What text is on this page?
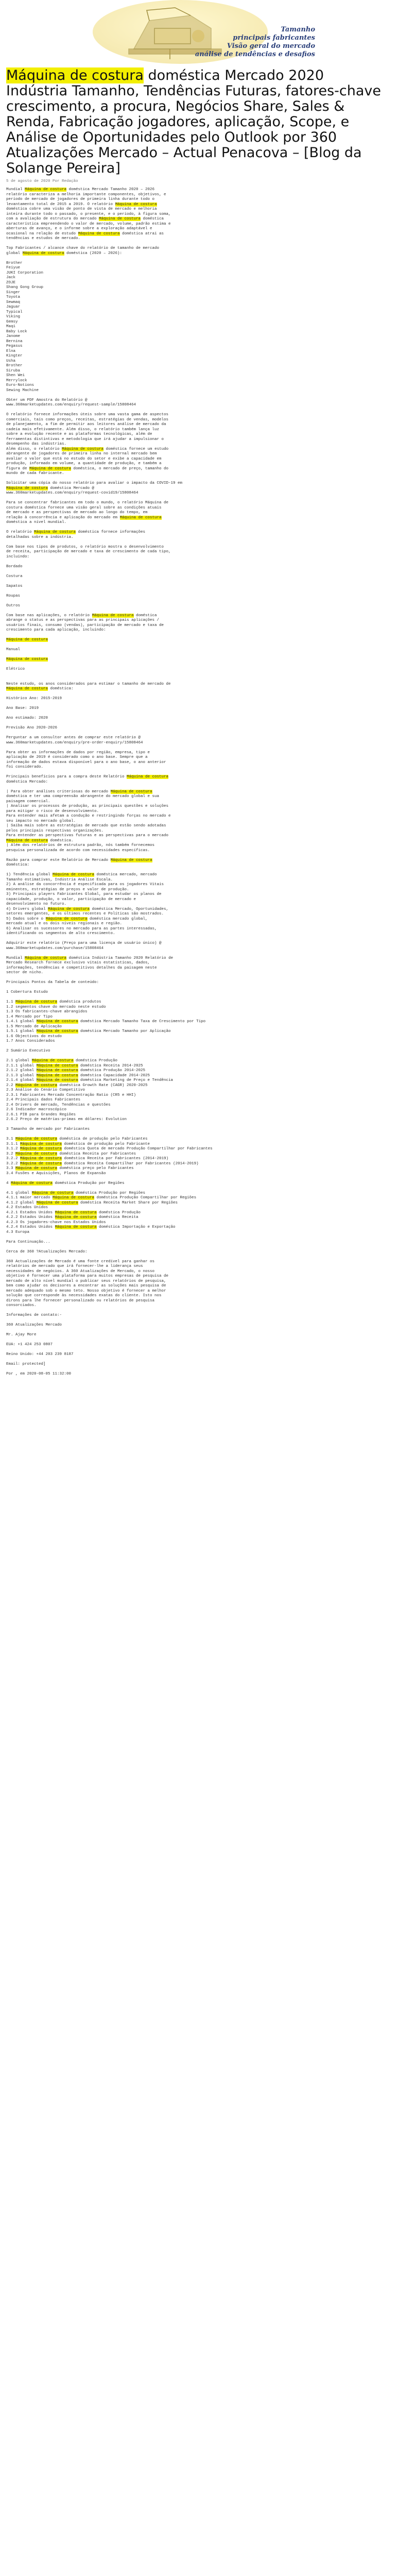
Tamanho
principais fabricantes
Visão geral do mercado
análise de tendências e desafios
Máquina de costura doméstica Mercado 2020 Indústria Tamanho, Tendências Futuras, fatores-chave crescimento, a procura, Negócios Share, Sales & Renda, Fabricação jogadores, aplicação, Scope, e Análise de Oportunidades pelo Outlook por 360 Atualizações Mercado – Actual Penacova – [Blog da Solange Pereira]
5 de agosto de 2020 Por Redação
Mundial Máquina de costura doméstica Mercado Tamanho 2020 – 2026
relatório caracteriza a melhoria importante componentes, objetivos, e
período de mercado de jogadores de primeira linha durante todo o
levantamento total de 2015 a 2019. O relatório Máquina de costura
doméstica cobre uma visão de ponto de vista de mercado e melhoria
inteira durante todo o passado, o presente, e o período, à figura soma,
com a avaliação de estrutura do mercado Máquina de costura doméstica
característica empreendendo o valor de mercado, volume, padrão estima e
aberturas de avanço, e o informe sobre a exploração adaptável e
ocasional na relação de estudo Máquina de costura doméstica atrai as
tendências e estudos de mercado.

Top Fabricantes / alcance chave do relatório de tamanho de mercado
global Máquina de costura doméstica (2020 – 2026):

Brother
Feiyue
JUKI Corporation
Jack
ZOJE
Shang Gong Group
Singer
Toyota
Sewmaq
Jaguar
Typical
Viking
Gemsy
Maqi
Baby Lock
Janome
Bernina
Pegasus
Elna
Kingter
Usha
Brother
Siruba
Shen Wei
Merrylock
Euro-Notions
Sewing Machine

Obter um PDF Amostra do Relatório @
www.360marketupdates.com/enquiry/request-sample/15808464

O relatório fornece informações úteis sobre uma vasta gama de aspectos
comerciais, tais como preços, receitas, estratégias de vendas, modelos
de planejamento, a fim de permitir aos leitores análise de mercado da
cadeia mais efetivamente. Além disso, o relatório também lança luz
sobre a evolução recente e as plataformas tecnológicas, além de
ferramentas distintivas e metodologia que irá ajudar a impulsionar o
desempenho das indústrias.
Além disso, o relatório Máquina de costura doméstica fornece um estudo
abrangente de jogadores de primeira linha no internal mercado bem
avaliar o valor que está no estudo do setor e exibe a capacidade em
produção, informado em volume, a quantidade de produção, e também a
figura de Máquina de costura doméstica, o mercado de preço, tamanho do
mundo de cada fabricante.

Solicitar uma cópia do nosso relatório para avaliar o impacto da COVID-19 em
Máquina de costura doméstica Mercado @
www.360marketupdates.com/enquiry/request-covid19/15808464

Para se concentrar fabricantes em todo o mundo, o relatório Máquina de
costura doméstica fornece uma visão geral sobre as condições atuais
de mercado e as perspectivas de mercado ao longo do tempo, em
relação à concorrência e aplicação do mercado em Máquina de costura
doméstica a nível mundial.

O relatório Máquina de costura doméstica fornece informações
detalhadas sobre a indústria.

Com base nos tipos de produtos, o relatório mostra o desenvolvimento
de receita, participação de mercado e taxa de crescimento de cada tipo,
incluindo:

Bordado

Costura

Sapatos

Roupas

Outros

Com base nas aplicações, o relatório Máquina de costura doméstica
abrange o status e as perspectivas para as principais aplicações /
usuários finais, consumo (vendas), participação de mercado e taxa de
crescimento para cada aplicação, incluindo:

Máquina de costura

Manual

Máquina de costura

Elétrico

Neste estudo, os anos considerados para estimar o tamanho de mercado de
Máquina de costura doméstica:

Histórico Ano: 2015-2019

Ano Base: 2019

Ano estimado: 2020

Previsão Ano 2020-2026

Perguntar a um consultor antes de comprar este relatório @
www.360marketupdates.com/enquiry/pre-order-enquiry/15808464

Para obter as informações de dados por região, empresa, tipo e
aplicação de 2019 é considerado como o ano base. Sempre que a
informação de dados estava disponível para o ano base, o ano anterior
foi considerado.

Principais benefícios para a compra deste Relatório Máquina de costura
doméstica Mercado:

| Para obter análises criteriosas do mercado Máquina de costura
doméstica e ter uma compreensão abrangente do mercado global e sua
paisagem comercial.
| Analisar os processos de produção, as principais questões e soluções
para mitigar o risco de desenvolvimento.
Para entender mais afetam a condução e restringindo forças no mercado e
seu impacto no mercado global.
| Saiba mais sobre as estratégias de mercado que estão sendo adotadas
pelos principais respectivas organizações.
Para entender as perspectivas futuras e as perspectivas para o mercado
Máquina de costura doméstica.
| Além dos relatórios de estrutura padrão, nós também fornecemos
pesquisa personalizada de acordo com necessidades específicas.

Razão para comprar este Relatório de Mercado Máquina de costura
doméstica:

1) Tendência global Máquina de costura doméstica mercado, mercado
Tamanho estimativas, Indústria Análise Escala.
2) A análise da concorrência é especificada para os jogadores Vitais
eminentes, estratégias de preços e valor de produção.
3) Principais players Fabricantes Global, para estudar os planos de
capacidade, produção, o valor, participação de mercado e
desenvolvimento no futuro.
4) Drivers global Máquina de costura doméstica Mercado, Oportunidades,
setores emergentes, e os últimos recentes e Políticas são mostrados.
5) Dados sobre o Máquina de costura doméstica mercado global,
mercado atual e os dois níveis regionais e região.
6) Analisar os sucessores no mercado para as partes interessadas,
identificando os segmentos de alto crescimento.

Adquirir este relatório (Preço para uma licença de usuário único) @
www.360marketupdates.com/purchase/15808464

Mundial Máquina de costura doméstica Indústria Tamanho 2020 Relatório de
Mercado Research fornece exclusivo vitais estatísticas, dados,
informações, tendências e competitivos detalhes da paisagem neste
sector de nicho.

Principais Pontos da Tabela de conteúdo:

1 Cobertura Estudo

1.1 Máquina de costura doméstica produtos
1.2 segmentos chave do mercado neste estudo
1.3 Os fabricantes-chave abrangidos
1.4 Mercado por Tipo
1.4.1 global Máquina de costura doméstica Mercado Tamanho Taxa de Crescimento por Tipo
1.5 Mercado de Aplicação
1.5.1 global Máquina de costura doméstica Mercado Tamanho por Aplicação
1.6 Objectivos do estudo
1.7 Anos Considerados

2 Sumário Executivo

2.1 global Máquina de costura doméstica Produção
2.1.1 global Máquina de costura doméstica Receita 2014-2025
2.1.2 global Máquina de costura doméstica Produção 2014-2025
2.1.3 global Máquina de costura doméstica Capacidade 2014-2025
2.1.4 global Máquina de costura doméstica Marketing de Preço e Tendência
2.2 Máquina de costura doméstica Growth Rate (CAGR) 2020-2025
2.3 Análise do Cenário Competitivo
2.3.1 Fabricantes Mercado Concentração Ratio (CR5 e HHI)
2.4 Principais dados Fabricantes
2.4 Drivers de mercado, Tendências e questões
2.6 Indicador macroscópico
2.6.1 PIB para Grandes Regiões
2.6.2 Preço de matérias-primas em dólares: Evolution

3 Tamanho de mercado por Fabricantes

3.1 Máquina de costura doméstica de produção pelo Fabricantes
3.1.1 Máquina de costura doméstica de produção pelo Fabricante
3.1.2 Máquina de costura doméstica Quota de mercado Produção Compartilhar por Fabricantes
3.2 Máquina de costura doméstica Receita por Fabricantes
3.2.2 Máquina de costura doméstica Receita por Fabricantes (2014-2019)
3.2.2 Máquina de costura doméstica Receita Compartilhar por Fabricantes (2014-2019)
3.3 Máquina de costura doméstica preço pelo Fabricantes
3.4 Fusões e Aquisições, Planos de Expansão

4 Máquina de costura doméstica Produção por Regiões

4.1 global Máquina de costura doméstica Produção por Regiões
4.1.1 maior mercado Máquina de costura doméstica Produção Compartilhar por Regiões
4.1.2 global Máquina de costura doméstica Receita Market Share por Regiões
4.2 Estados Unidos
4.2.1 Estados Unidos Máquina de costura doméstica Produção
4.2.2 Estados Unidos Máquina de costura doméstica Receita
4.2.3 Os jogadores-chave nos Estados Unidos
4.2.4 Estados Unidos Máquina de costura doméstica Importação e Exportação
4.3 Europa

Para Continuação...

Cerca de 360 ?Atualizações Mercado:

360 Actualizações de Mercado é uma fonte credível para ganhar os
relatórios de mercado que irá fornecer-lhe a liderança seus
necessidades de negócios. A 360 Atualizações de Mercado, o nosso
objetivo é fornecer uma plataforma para muitos empresas de pesquisa de
mercado de alto nível mundial o publicar seus relatórios de pesquisa,
bem como ajudar os decisores a encontrar as soluções mais pesquisa de
mercado adequado sob o mesmo teto. Nosso objetivo é fornecer a melhor
solução que corresponde às necessidades exatas do cliente. Isto nos
dirons para lhe fornecer personalizado ou relatórios de pesquisa
consorciados.

Informações de contato:-

360 Atualizações Mercado

Mr. Ajay More

EUA: +1 424 253 0807

Reino Unido: +44 203 239 8187

Email: protected]

Por , em 2020-08-05 11:32:00
